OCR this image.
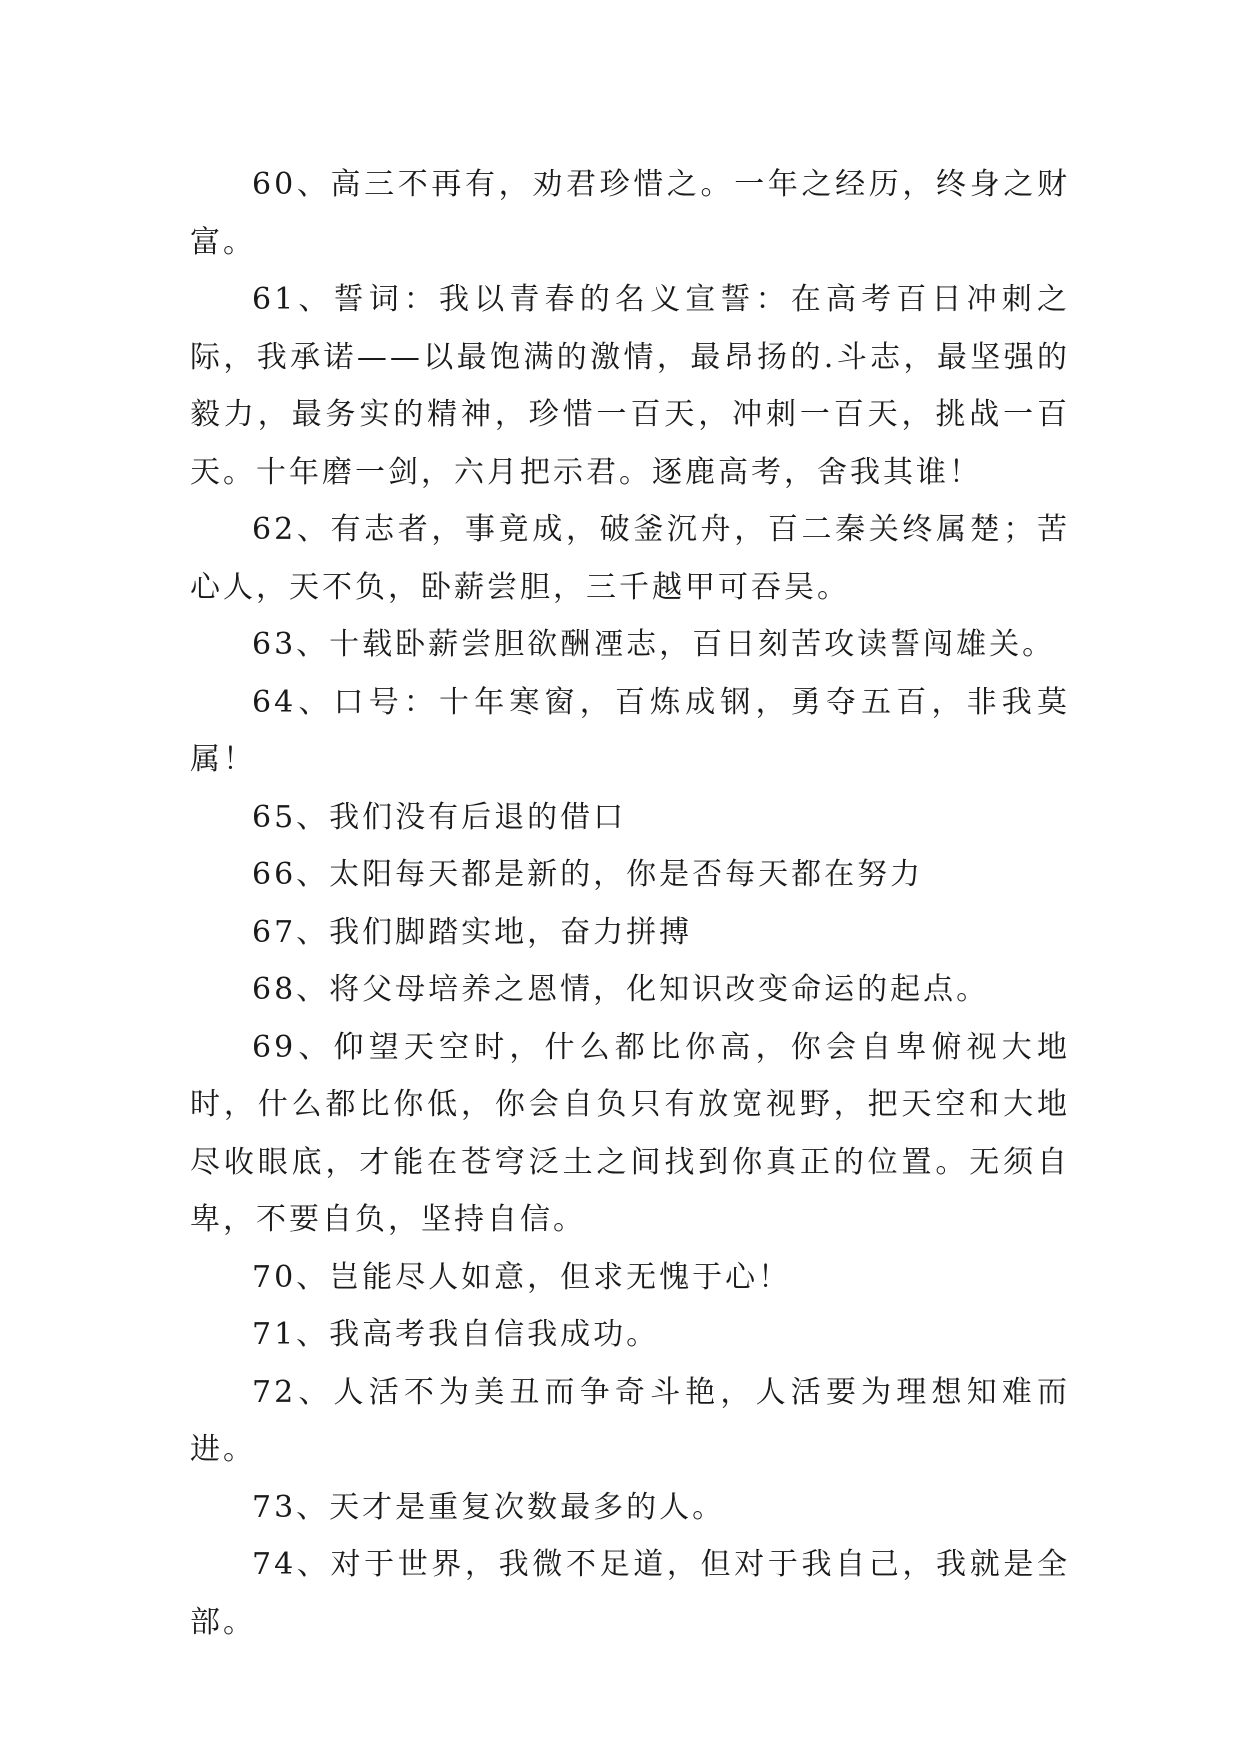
60、高三不再有，劝君珍惜之。一年之经历，终身之财富。

61、誓词：我以青春的名义宣誓：在高考百日冲刺之际，我承诺——以最饱满的激情，最昂扬的.斗志，最坚强的毅力，最务实的精神，珍惜一百天，冲刺一百天，挑战一百天。十年磨一剑，六月把示君。逐鹿高考，舍我其谁！

62、有志者，事竟成，破釜沉舟，百二秦关终属楚；苦心人，天不负，卧薪尝胆，三千越甲可吞吴。

63、十载卧薪尝胆欲酬凐志，百日刻苦攻读誓闯雄关。

64、口号：十年寒窗，百炼成钢，勇夺五百，非我莫属！

65、我们没有后退的借口

66、太阳每天都是新的，你是否每天都在努力

67、我们脚踏实地，奋力拼搏

68、将父母培养之恩情，化知识改变命运的起点。

69、仰望天空时，什么都比你高，你会自卑俯视大地时，什么都比你低，你会自负只有放宽视野，把天空和大地尽收眼底，才能在苍穹泛土之间找到你真正的位置。无须自卑，不要自负，坚持自信。

70、岂能尽人如意，但求无愧于心！

71、我高考我自信我成功。

72、人活不为美丑而争奇斗艳，人活要为理想知难而进。

73、天才是重复次数最多的人。

74、对于世界，我微不足道，但对于我自己，我就是全部。
